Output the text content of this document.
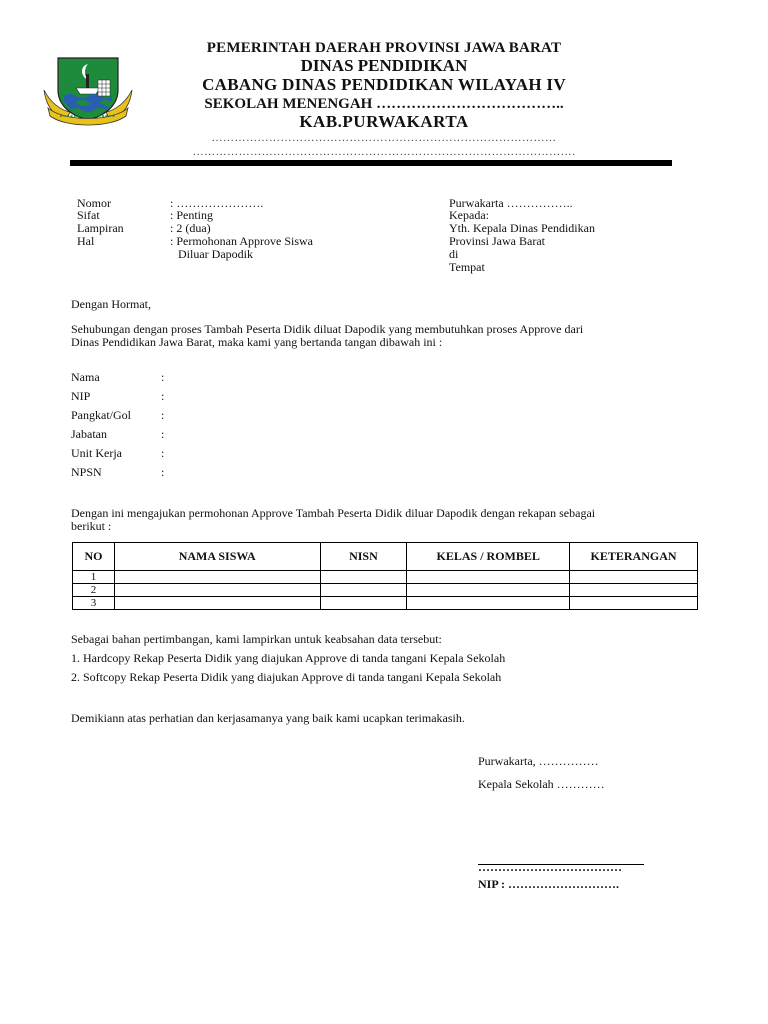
PEMERINTAH DAERAH PROVINSI JAWA BARAT
DINAS PENDIDIKAN
CABANG DINAS PENDIDIKAN WILAYAH IV
SEKOLAH MENENGAH ………………………………..
KAB.PURWAKARTA
………………………………………………………………………………
……………………………………………………………………………………….
Nomor	: ………………….
Sifat	: Penting
Lampiran	: 2 (dua)
Hal	: Permohonan Approve Siswa
Diluar Dapodik
Purwakarta ……………..
Kepada:
Yth. Kepala Dinas Pendidikan
Provinsi Jawa Barat
di
Tempat
Dengan Hormat,
Sehubungan dengan proses Tambah Peserta Didik diluat Dapodik yang membutuhkan proses Approve dari
Dinas Pendidikan Jawa Barat, maka kami yang bertanda tangan dibawah ini :
Nama	:
NIP	:
Pangkat/Gol	:
Jabatan	:
Unit Kerja	:
NPSN	:
Dengan ini mengajukan permohonan Approve Tambah Peserta Didik diluar Dapodik dengan rekapan sebagai
berikut :
NO	NAMA SISWA	NISN	KELAS / ROMBEL	KETERANGAN
1				
2				
3				
Sebagai bahan pertimbangan, kami lampirkan untuk keabsahan data tersebut:
1. Hardcopy Rekap Peserta Didik yang diajukan Approve di tanda tangani Kepala Sekolah
2. Softcopy Rekap Peserta Didik yang diajukan Approve di tanda tangani Kepala Sekolah
Demikiann atas perhatian dan kerjasamanya yang baik kami ucapkan terimakasih.
Purwakarta, ……………
Kepala Sekolah …………
………………………………
NIP : ……………………….
